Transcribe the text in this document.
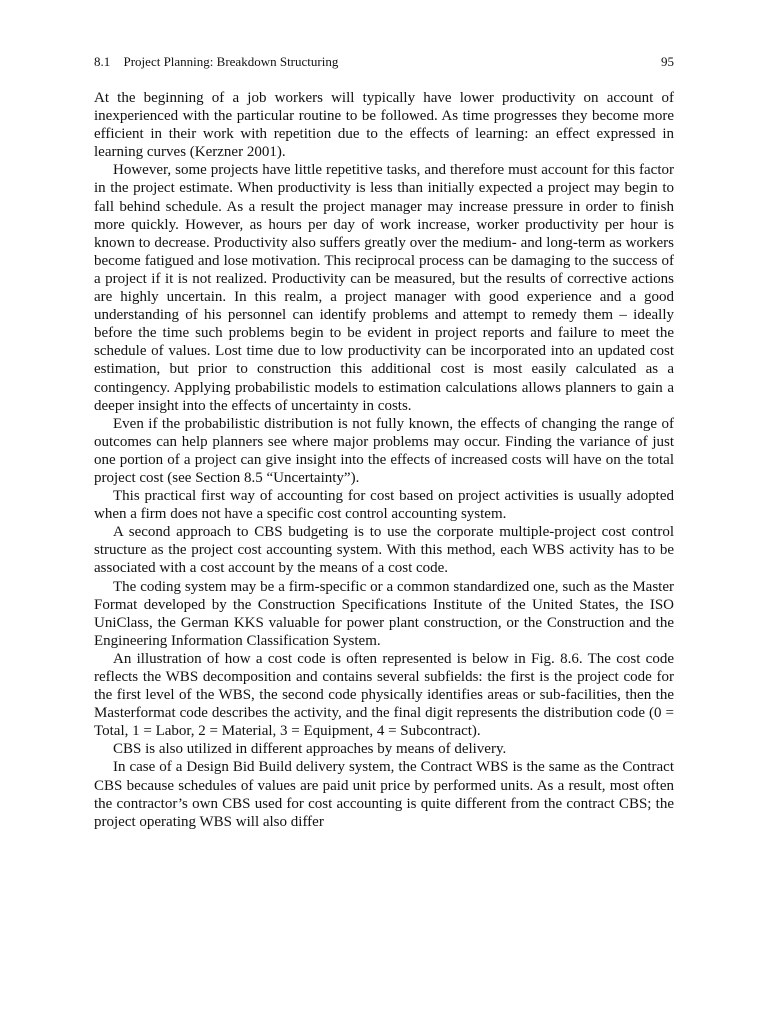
8.1 Project Planning: Breakdown Structuring	95

At the beginning of a job workers will typically have lower productivity on account of inexperienced with the particular routine to be followed. As time progresses they become more efficient in their work with repetition due to the effects of learning: an effect expressed in learning curves (Kerzner 2001).

However, some projects have little repetitive tasks, and therefore must account for this factor in the project estimate. When productivity is less than initially expected a project may begin to fall behind schedule. As a result the project manager may increase pressure in order to finish more quickly. However, as hours per day of work increase, worker productivity per hour is known to decrease. Productivity also suffers greatly over the medium- and long-term as workers become fatigued and lose motivation. This reciprocal process can be damaging to the success of a project if it is not realized. Productivity can be measured, but the results of corrective actions are highly uncertain. In this realm, a project manager with good experience and a good understanding of his personnel can identify problems and attempt to remedy them – ideally before the time such problems begin to be evident in project reports and failure to meet the schedule of values. Lost time due to low productivity can be incorporated into an updated cost estimation, but prior to construction this additional cost is most easily calculated as a contingency. Applying probabilistic models to estimation calculations allows planners to gain a deeper insight into the effects of uncertainty in costs.

Even if the probabilistic distribution is not fully known, the effects of changing the range of outcomes can help planners see where major problems may occur. Finding the variance of just one portion of a project can give insight into the effects of increased costs will have on the total project cost (see Section 8.5 “Uncertainty”).

This practical first way of accounting for cost based on project activities is usually adopted when a firm does not have a specific cost control accounting system.

A second approach to CBS budgeting is to use the corporate multiple-project cost control structure as the project cost accounting system. With this method, each WBS activity has to be associated with a cost account by the means of a cost code.

The coding system may be a firm-specific or a common standardized one, such as the Master Format developed by the Construction Specifications Institute of the United States, the ISO UniClass, the German KKS valuable for power plant construction, or the Construction and the Engineering Information Classification System.

An illustration of how a cost code is often represented is below in Fig. 8.6. The cost code reflects the WBS decomposition and contains several subfields: the first is the project code for the first level of the WBS, the second code physically identifies areas or sub-facilities, then the Masterformat code describes the activity, and the final digit represents the distribution code (0 = Total, 1 = Labor, 2 = Material, 3 = Equipment, 4 = Subcontract).

CBS is also utilized in different approaches by means of delivery.

In case of a Design Bid Build delivery system, the Contract WBS is the same as the Contract CBS because schedules of values are paid unit price by performed units. As a result, most often the contractor’s own CBS used for cost accounting is quite different from the contract CBS; the project operating WBS will also differ
